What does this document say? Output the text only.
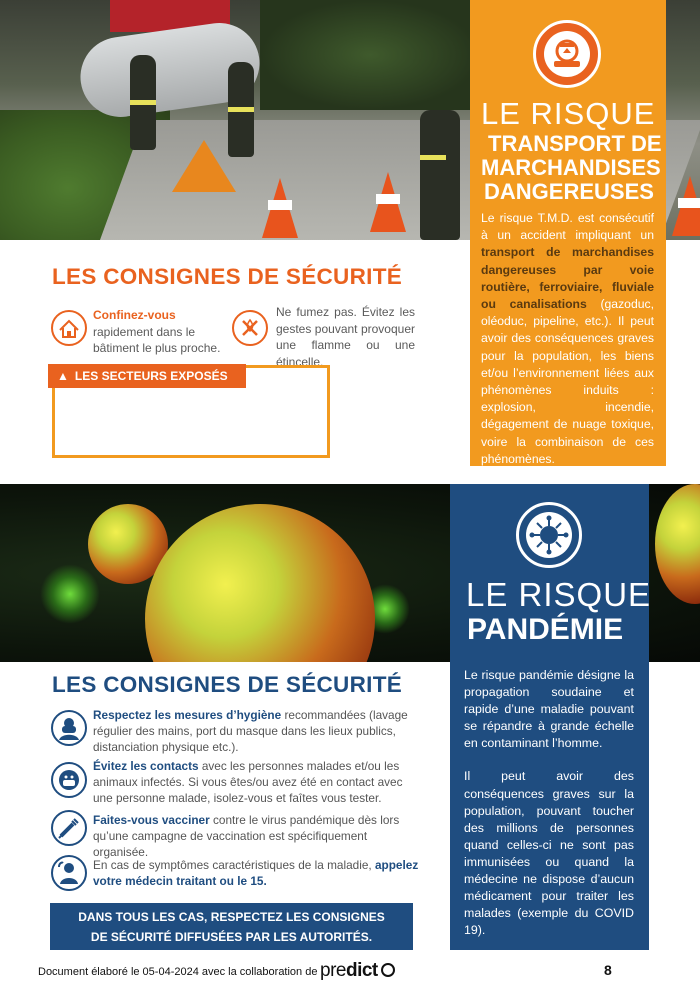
LE RISQUE
TRANSPORT DE
MARCHANDISES
DANGEREUSES
Le risque T.M.D. est consécutif à un accident impliquant un transport de marchandises dangereuses par voie routière, ferroviaire, fluviale ou canalisations (gazoduc, oléoduc, pipeline, etc.). Il peut avoir des conséquences graves pour la population, les biens et/ou l’environnement liées aux phénomènes induits : explosion, incendie, dégagement de nuage toxique, voire la combinaison de ces phénomènes.
LES CONSIGNES DE SÉCURITÉ
Confinez-vous
rapidement dans le bâtiment le plus proche.
Ne fumez pas. Évitez les gestes pouvant provoquer une flamme ou une étincelle.
▲ LES SECTEURS EXPOSÉS
LE RISQUE
PANDÉMIE
Le risque pandémie désigne la propagation soudaine et rapide d’une maladie pouvant se répandre à grande échelle en contaminant l’homme.
Il peut avoir des conséquences graves sur la population, pouvant toucher des millions de personnes quand celles-ci ne sont pas immunisées ou quand la médecine ne dispose d’aucun médicament pour traiter les malades (exemple du COVID 19).
LES CONSIGNES DE SÉCURITÉ
Respectez les mesures d’hygiène recommandées (lavage régulier des mains, port du masque dans les lieux publics, distanciation physique etc.).
Évitez les contacts avec les personnes malades et/ou les animaux infectés. Si vous êtes/ou avez été en contact avec une personne malade, isolez-vous et faîtes vous tester.
Faites-vous vacciner contre le virus pandémique dès lors qu’une campagne de vaccination est spécifiquement organisée.
En cas de symptômes caractéristiques de la maladie, appelez votre médecin traitant ou le 15.
DANS TOUS LES CAS, RESPECTEZ LES CONSIGNES
DE SÉCURITÉ DIFFUSÉES PAR LES AUTORITÉS.
Document élaboré le 05-04-2024 avec la collaboration de predict	8
